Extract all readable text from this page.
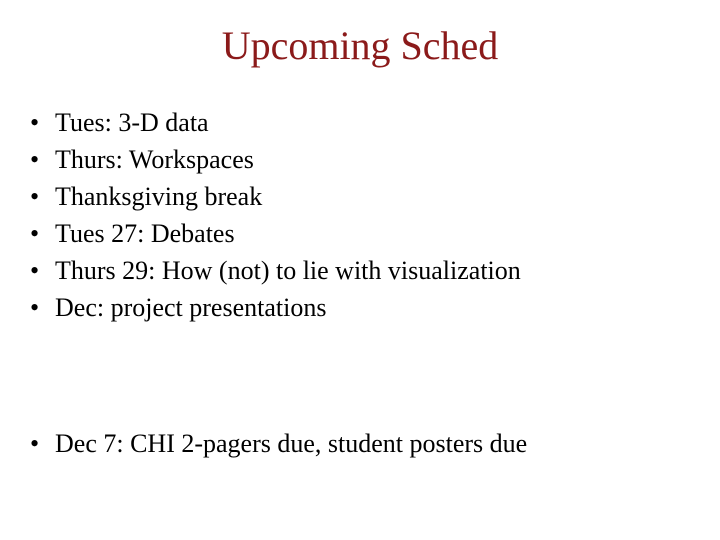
Upcoming Sched
• Tues: 3-D data
• Thurs: Workspaces
• Thanksgiving break
• Tues 27: Debates
• Thurs 29: How (not) to lie with visualization
• Dec: project presentations
• Dec 7: CHI 2-pagers due, student posters due
